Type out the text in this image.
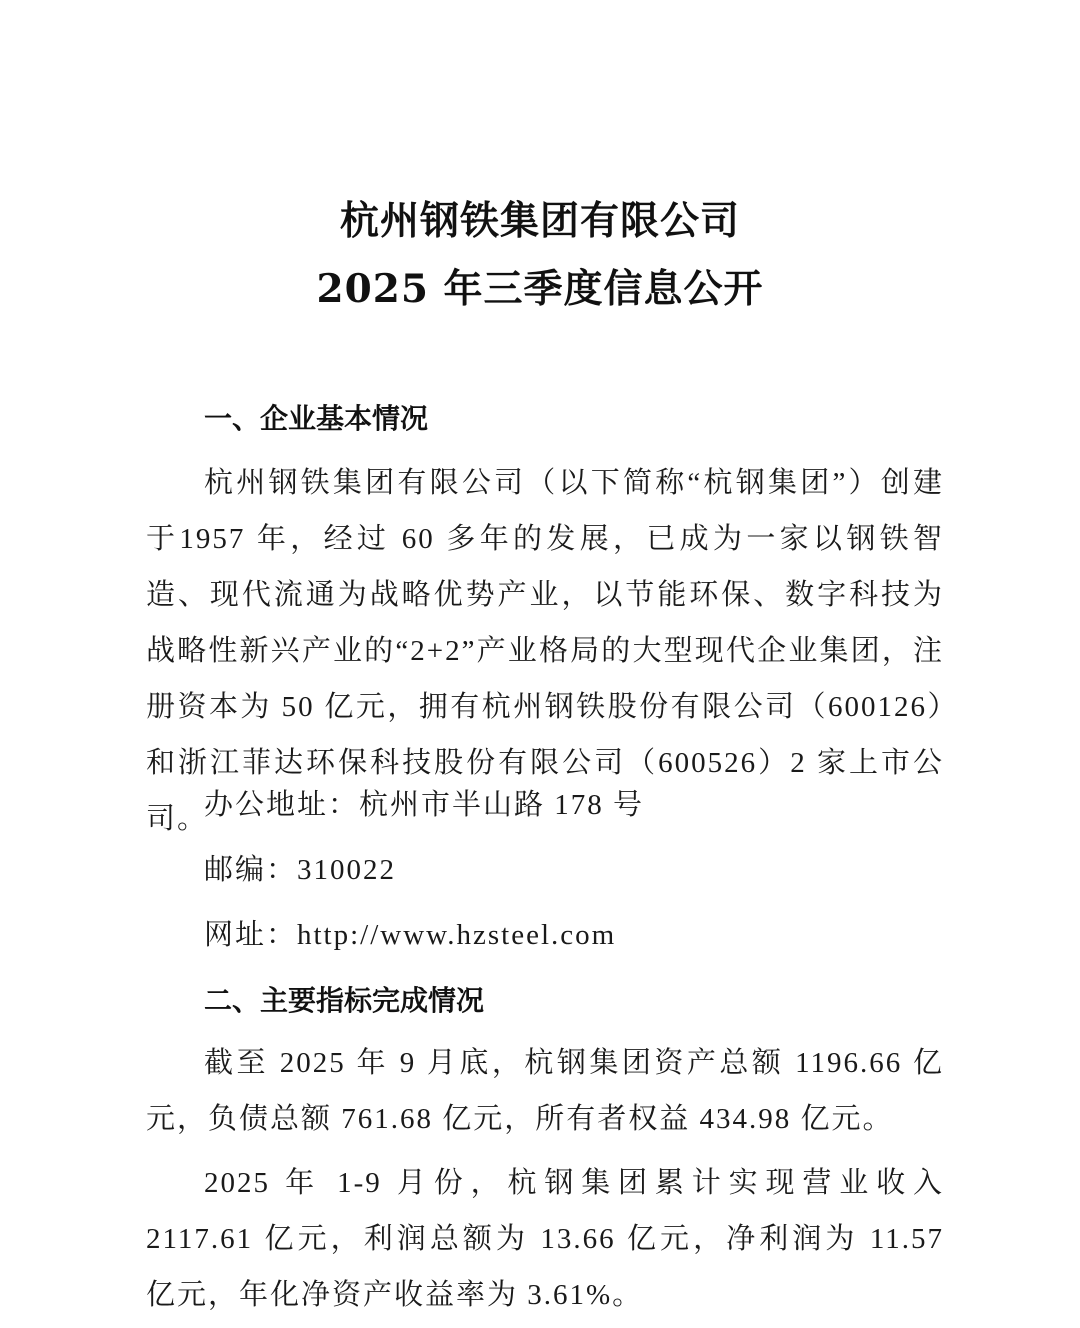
杭州钢铁集团有限公司
2025 年三季度信息公开
一、企业基本情况
杭州钢铁集团有限公司（以下简称“杭钢集团”）创建于1957 年，经过 60 多年的发展，已成为一家以钢铁智造、现代流通为战略优势产业，以节能环保、数字科技为战略性新兴产业的“2+2”产业格局的大型现代企业集团，注册资本为 50 亿元，拥有杭州钢铁股份有限公司（600126）和浙江菲达环保科技股份有限公司（600526）2 家上市公司。
办公地址：杭州市半山路 178 号
邮编：310022
网址：http://www.hzsteel.com
二、主要指标完成情况
截至 2025 年 9 月底，杭钢集团资产总额 1196.66 亿元，负债总额 761.68 亿元，所有者权益 434.98 亿元。
2025 年 1-9 月份，杭钢集团累计实现营业收入 2117.61 亿元，利润总额为 13.66 亿元，净利润为 11.57 亿元，年化净资产收益率为 3.61%。
